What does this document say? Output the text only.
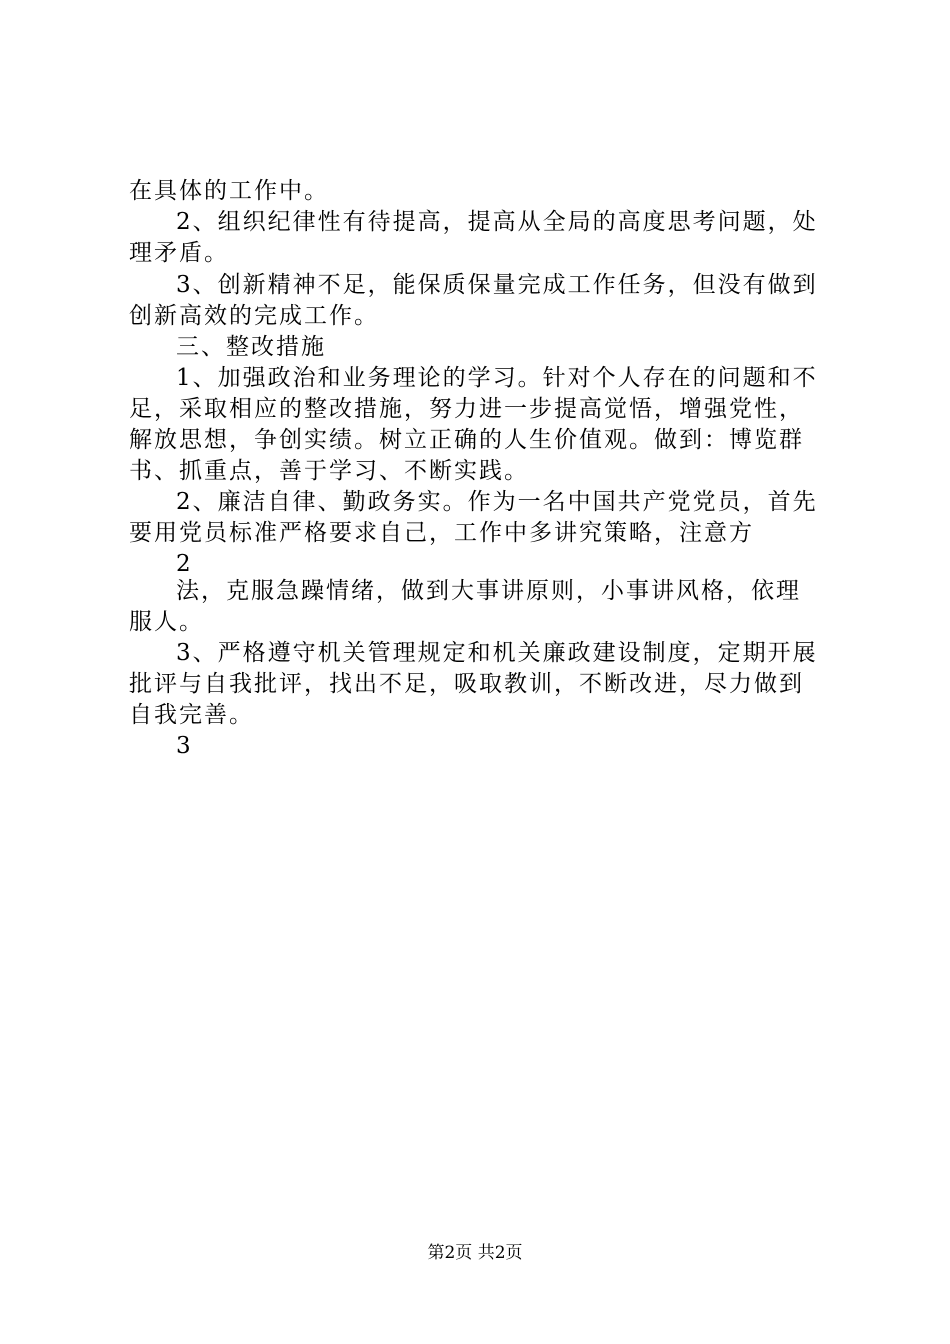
在具体的工作中。
2、组织纪律性有待提高，提高从全局的高度思考问题，处
理矛盾。
3、创新精神不足，能保质保量完成工作任务，但没有做到
创新高效的完成工作。
三、整改措施
1、加强政治和业务理论的学习。针对个人存在的问题和不
足，采取相应的整改措施，努力进一步提高觉悟，增强党性，
解放思想，争创实绩。树立正确的人生价值观。做到：博览群
书、抓重点，善于学习、不断实践。
2、廉洁自律、勤政务实。作为一名中国共产党党员，首先
要用党员标准严格要求自己，工作中多讲究策略，注意方
2
法，克服急躁情绪，做到大事讲原则，小事讲风格，依理
服人。
3、严格遵守机关管理规定和机关廉政建设制度，定期开展
批评与自我批评，找出不足，吸取教训，不断改进，尽力做到
自我完善。
3
第2页 共2页
